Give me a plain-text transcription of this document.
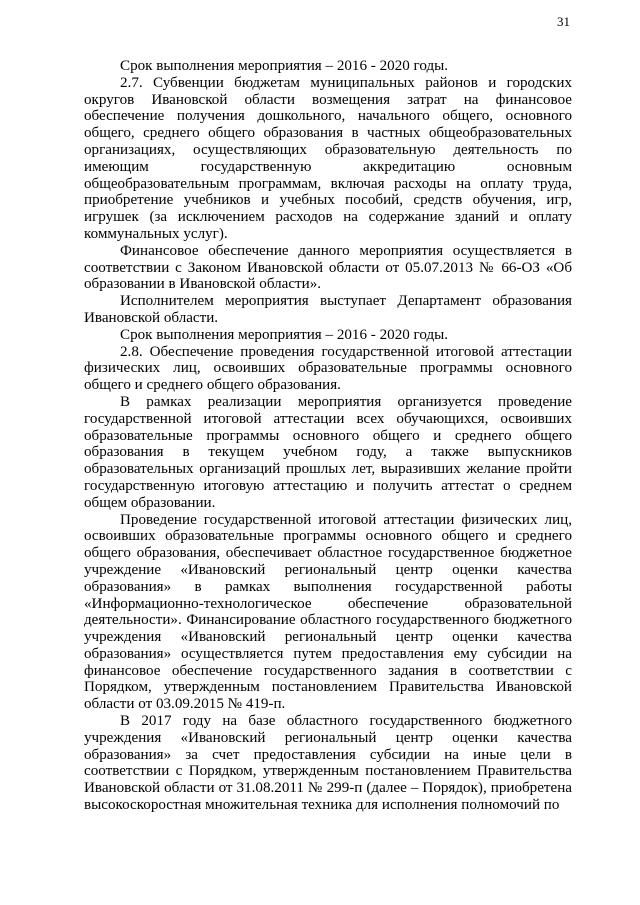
31

Срок выполнения мероприятия – 2016 - 2020 годы.

2.7. Субвенции бюджетам муниципальных районов и городских округов Ивановской области возмещения затрат на финансовое обеспечение получения дошкольного, начального общего, основного общего, среднего общего образования в частных общеобразовательных организациях, осуществляющих образовательную деятельность по имеющим государственную аккредитацию основным общеобразовательным программам, включая расходы на оплату труда, приобретение учебников и учебных пособий, средств обучения, игр, игрушек (за исключением расходов на содержание зданий и оплату коммунальных услуг).

Финансовое обеспечение данного мероприятия осуществляется в соответствии с Законом Ивановской области от 05.07.2013 № 66-ОЗ «Об образовании в Ивановской области».

Исполнителем мероприятия выступает Департамент образования Ивановской области.

Срок выполнения мероприятия – 2016 - 2020 годы.

2.8. Обеспечение проведения государственной итоговой аттестации физических лиц, освоивших образовательные программы основного общего и среднего общего образования.

В рамках реализации мероприятия организуется проведение государственной итоговой аттестации всех обучающихся, освоивших образовательные программы основного общего и среднего общего образования в текущем учебном году, а также выпускников образовательных организаций прошлых лет, выразивших желание пройти государственную итоговую аттестацию и получить аттестат о среднем общем образовании.

Проведение государственной итоговой аттестации физических лиц, освоивших образовательные программы основного общего и среднего общего образования, обеспечивает областное государственное бюджетное учреждение «Ивановский региональный центр оценки качества образования» в рамках выполнения государственной работы «Информационно-технологическое обеспечение образовательной деятельности». Финансирование областного государственного бюджетного учреждения «Ивановский региональный центр оценки качества образования» осуществляется путем предоставления ему субсидии на финансовое обеспечение государственного задания в соответствии с Порядком, утвержденным постановлением Правительства Ивановской области от 03.09.2015 № 419-п.

В 2017 году на базе областного государственного бюджетного учреждения «Ивановский региональный центр оценки качества образования» за счет предоставления субсидии на иные цели в соответствии с Порядком, утвержденным постановлением Правительства Ивановской области от 31.08.2011 № 299-п (далее – Порядок), приобретена высокоскоростная множительная техника для исполнения полномочий по
